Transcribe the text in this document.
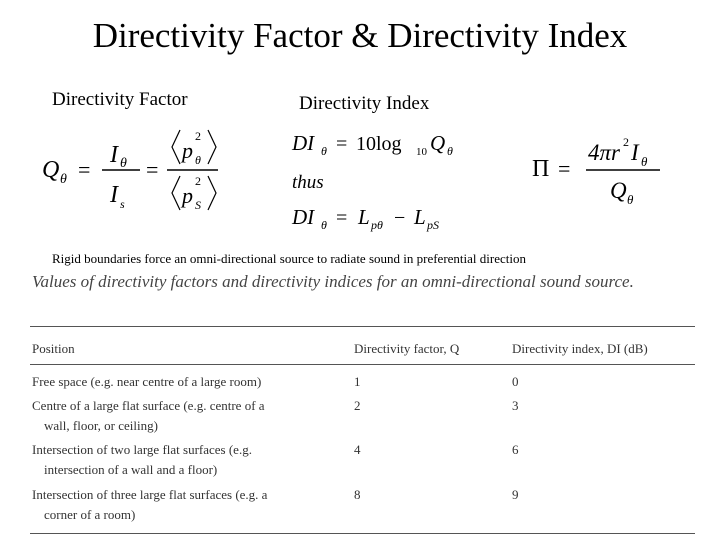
Directivity Factor & Directivity Index
Directivity Factor	Directivity Index
Q θ =
I θ
I s
=
p
2
θ
p
2
S
DI θ = 10log 10 Q θ
thus
DI θ = L pθ − L pS
Π =
4πr 2 I θ
Q θ
Rigid boundaries force an omni-directional source to radiate sound in preferential direction
Values of directivity factors and directivity indices for an omni-directional sound source.
Position	Directivity factor, Q	Directivity index, DI (dB)
Free space (e.g. near centre of a large room)	1	0
Centre of a large flat surface (e.g. centre of a
wall, floor, or ceiling)
2	3
Intersection of two large flat surfaces (e.g.
intersection of a wall and a floor)
4	6
Intersection of three large flat surfaces (e.g. a
corner of a room)
8	9
